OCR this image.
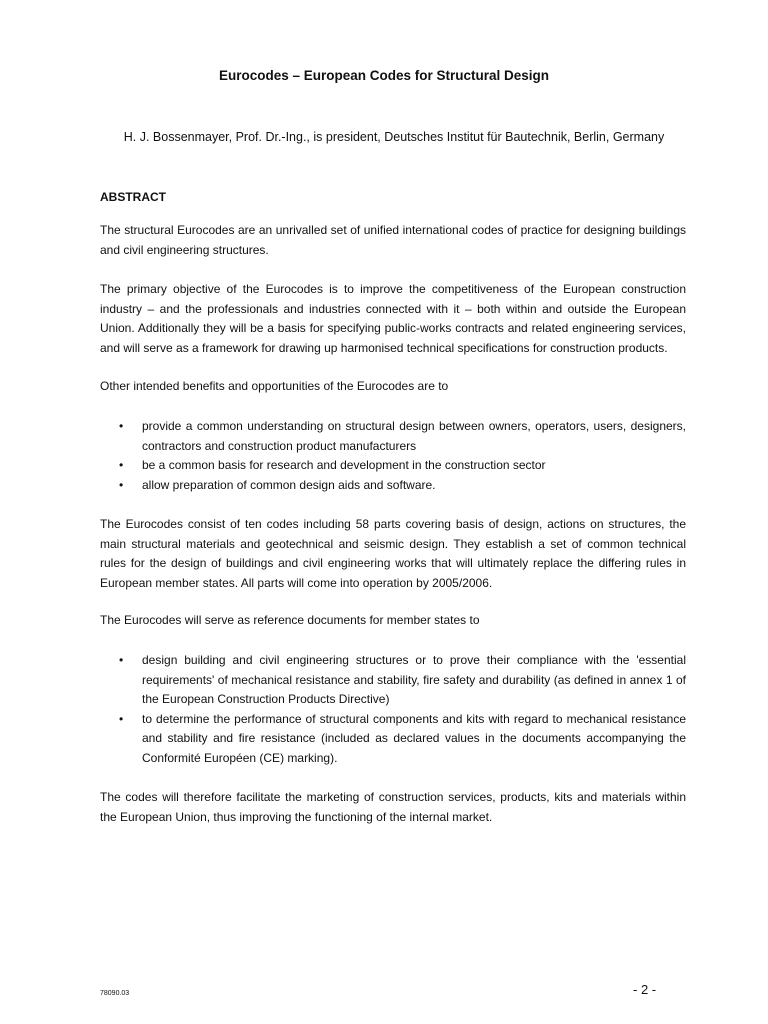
Eurocodes – European Codes for Structural Design
H. J. Bossenmayer, Prof. Dr.-Ing., is president, Deutsches Institut für Bautechnik, Berlin, Germany
ABSTRACT

The structural Eurocodes are an unrivalled set of unified international codes of practice for designing buildings and civil engineering structures.

The primary objective of the Eurocodes is to improve the competitiveness of the European construction industry – and the professionals and industries connected with it – both within and outside the European Union. Additionally they will be a basis for specifying public-works contracts and related engineering services, and will serve as a framework for drawing up harmonised technical specifications for construction products.

Other intended benefits and opportunities of the Eurocodes are to

• provide a common understanding on structural design between owners, operators, users, designers, contractors and construction product manufacturers
• be a common basis for research and development in the construction sector
• allow preparation of common design aids and software.

The Eurocodes consist of ten codes including 58 parts covering basis of design, actions on structures, the main structural materials and geotechnical and seismic design. They establish a set of common technical rules for the design of buildings and civil engineering works that will ultimately replace the differing rules in European member states. All parts will come into operation by 2005/2006.

The Eurocodes will serve as reference documents for member states to

• design building and civil engineering structures or to prove their compliance with the 'essential requirements' of mechanical resistance and stability, fire safety and durability (as defined in annex 1 of the European Construction Products Directive)
• to determine the performance of structural components and kits with regard to mechanical resistance and stability and fire resistance (included as declared values in the documents accompanying the Conformité Européen (CE) marking).

The codes will therefore facilitate the marketing of construction services, products, kits and materials within the European Union, thus improving the functioning of the internal market.

78090.03	- 2 -
